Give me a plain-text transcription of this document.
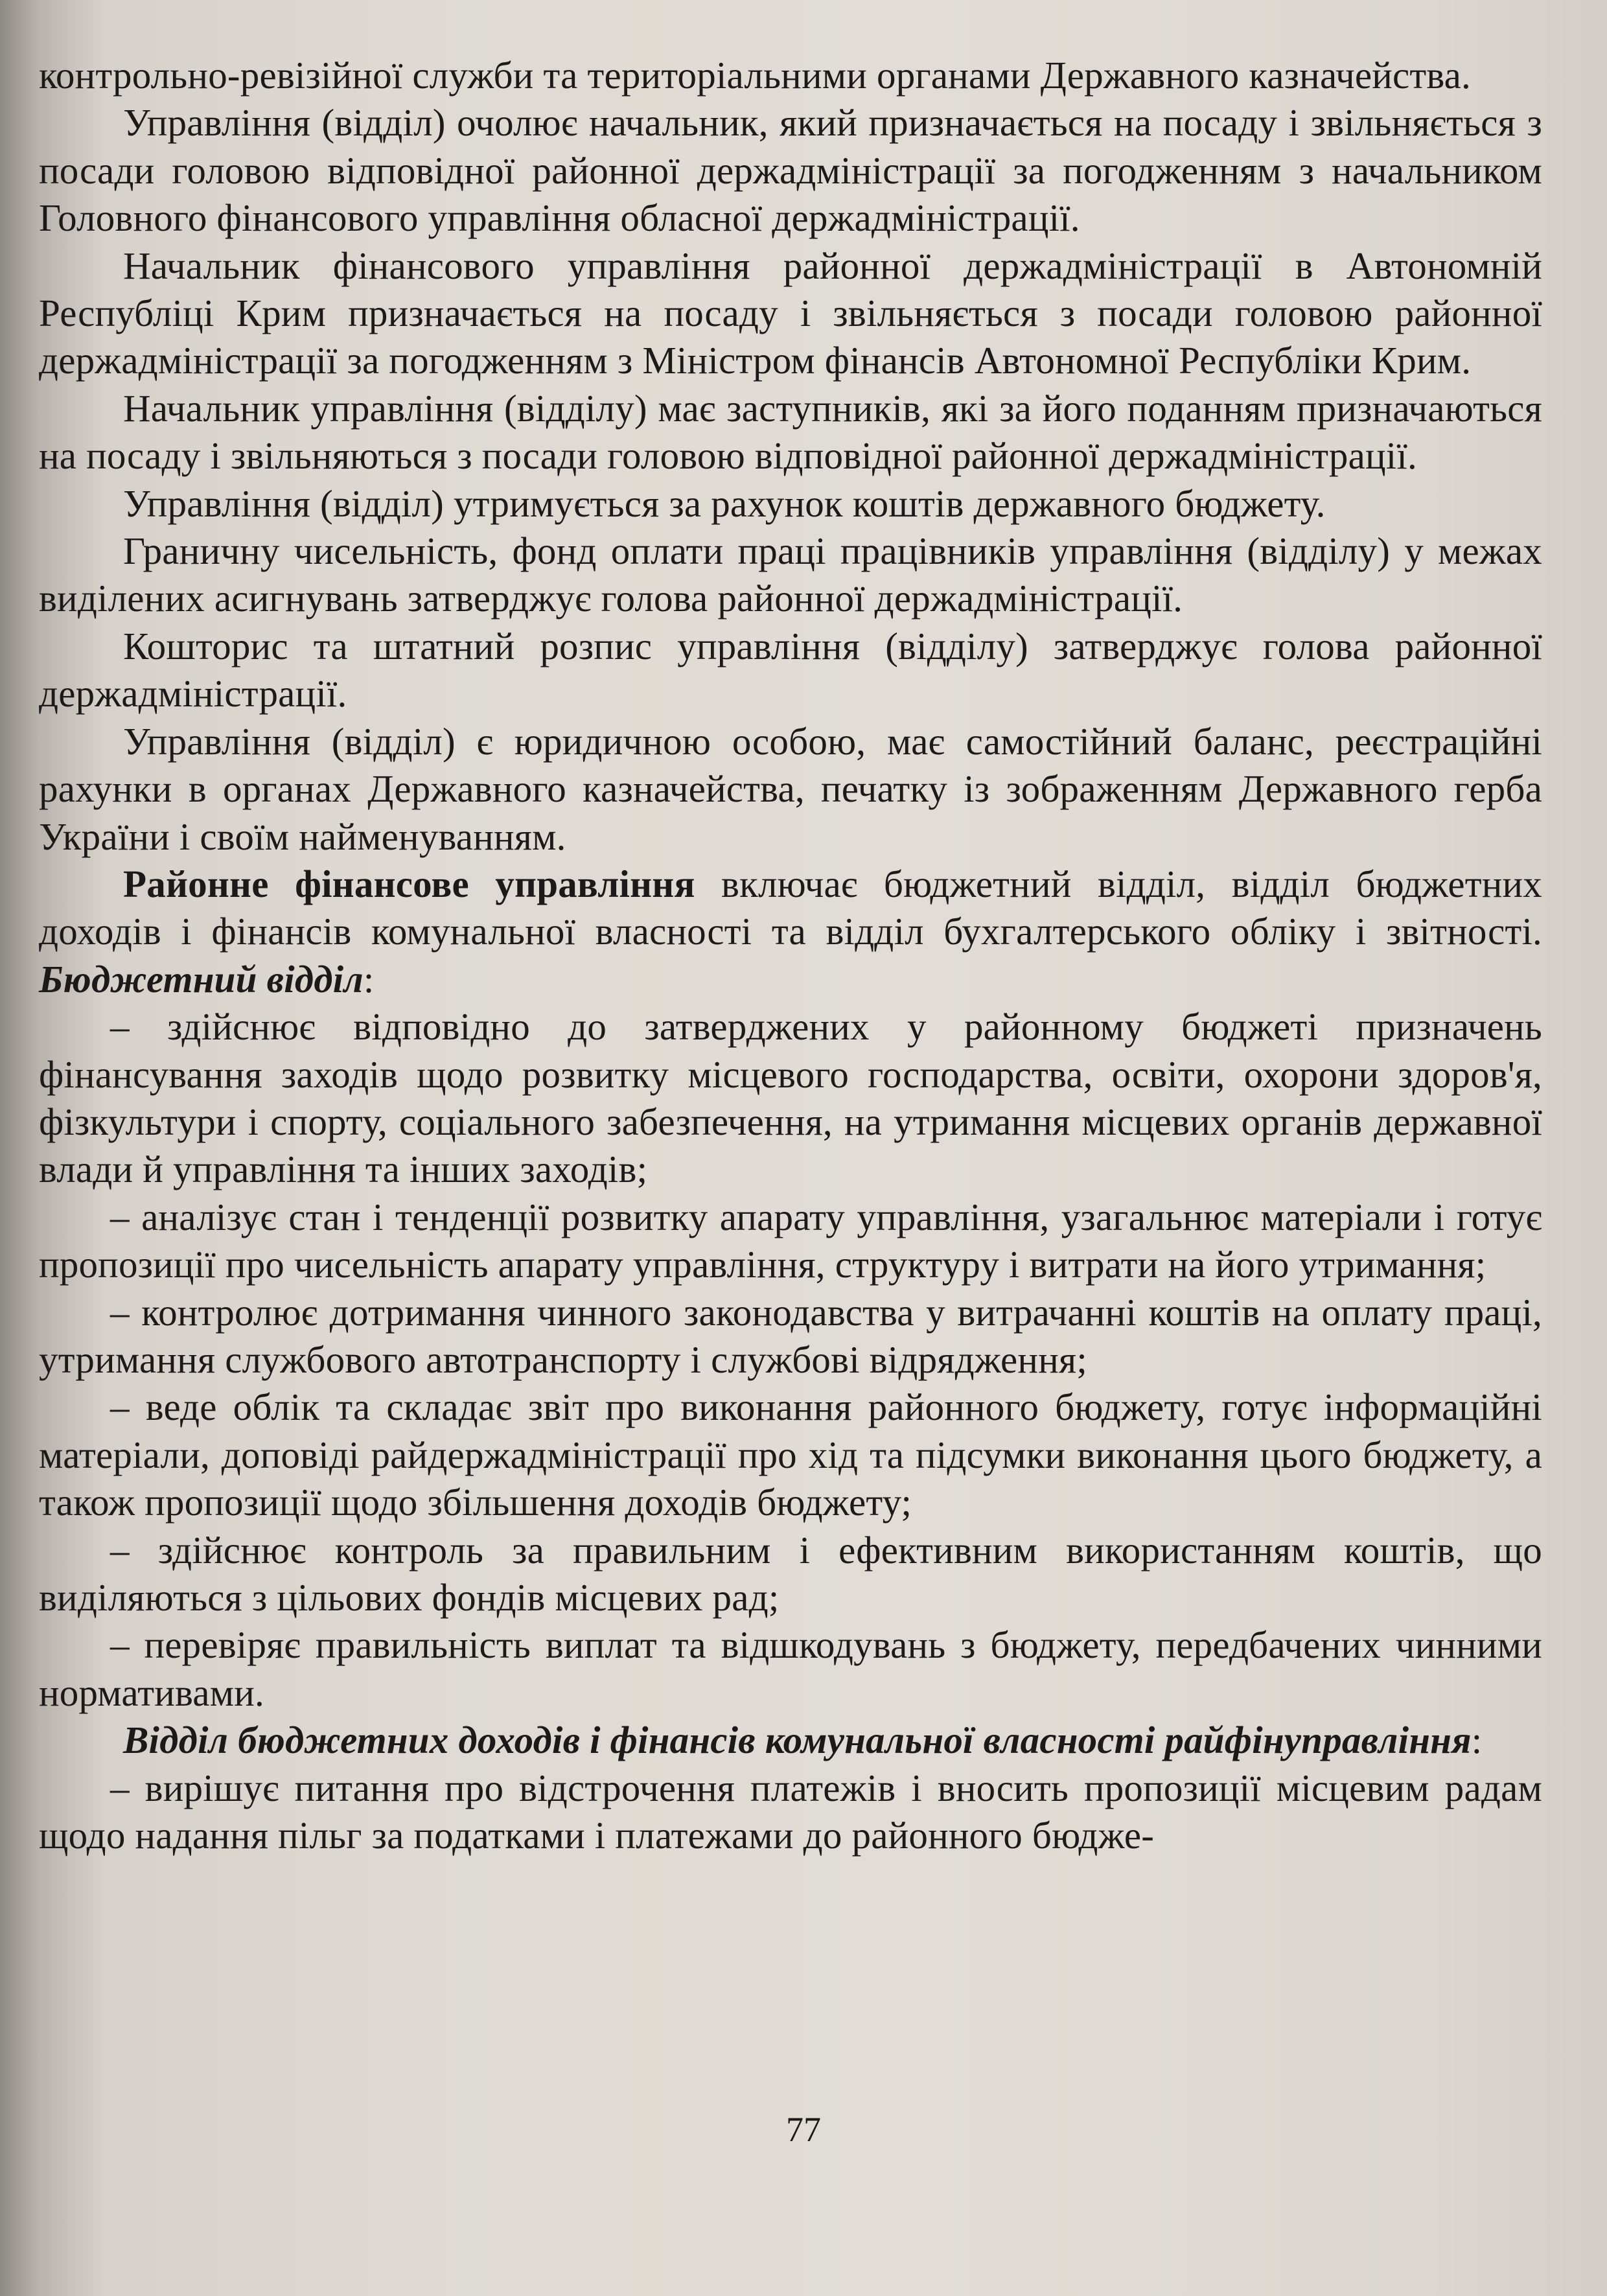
контрольно-ревізійної служби та територіальними органами Державного казначейства.

Управління (відділ) очолює начальник, який призначається на посаду і звільняється з посади головою відповідної районної держадміністрації за погодженням з начальником Головного фінансового управління обласної держадміністрації.

Начальник фінансового управління районної держадміністрації в Автономній Республіці Крим призначається на посаду і звільняється з посади головою районної держадміністрації за погодженням з Міністром фінансів Автономної Республіки Крим.

Начальник управління (відділу) має заступників, які за його поданням призначаються на посаду і звільняються з посади головою відповідної районної держадміністрації.

Управління (відділ) утримується за рахунок коштів державного бюджету.

Граничну чисельність, фонд оплати праці працівників управління (відділу) у межах виділених асигнувань затверджує голова районної держадміністрації.

Кошторис та штатний розпис управління (відділу) затверджує голова районної держадміністрації.

Управління (відділ) є юридичною особою, має самостійний баланс, реєстраційні рахунки в органах Державного казначейства, печатку із зображенням Державного герба України і своїм найменуванням.

Районне фінансове управління включає бюджетний відділ, відділ бюджетних доходів і фінансів комунальної власності та відділ бухгалтерського обліку і звітності. Бюджетний відділ:

– здійснює відповідно до затверджених у районному бюджеті призначень фінансування заходів щодо розвитку місцевого господарства, освіти, охорони здоров'я, фізкультури і спорту, соціального забезпечення, на утримання місцевих органів державної влади й управління та інших заходів;

– аналізує стан і тенденції розвитку апарату управління, узагальнює матеріали і готує пропозиції про чисельність апарату управління, структуру і витрати на його утримання;

– контролює дотримання чинного законодавства у витрачанні коштів на оплату праці, утримання службового автотранспорту і службові відрядження;

– веде облік та складає звіт про виконання районного бюджету, готує інформаційні матеріали, доповіді райдержадміністрації про хід та підсумки виконання цього бюджету, а також пропозиції щодо збільшення доходів бюджету;

– здійснює контроль за правильним і ефективним використанням коштів, що виділяються з цільових фондів місцевих рад;

– перевіряє правильність виплат та відшкодувань з бюджету, передбачених чинними нормативами.

Відділ бюджетних доходів і фінансів комунальної власності райфінуправління:

– вирішує питання про відстрочення платежів і вносить пропозиції місцевим радам щодо надання пільг за податками і платежами до районного бюдже-

77
